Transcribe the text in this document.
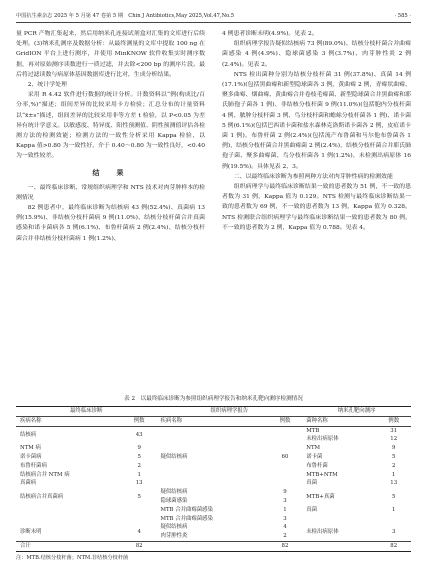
中国抗生素杂志 2025 年 5 月第 47 卷第 5 期　Chin J Antibiotics,May 2025,Vol.47,No.5	· 585 ·

量 PCR 产物汇集起来，然后用纳米孔连接试剂盒对汇集的文库进行后续处理。(3)纳米孔测序及数据分析：从最终测量的文库中提取 100 ng 在 GridION 平台上进行测序，并使用 MinKNOW 软件收集实时测序数据，再对原始测序读数进行一质过滤，并去除<200 bp 的测序片段。最后将过滤读数与病原体基因数据库进行比对，生成分析结果。

2、统计学处理

采用 R 4.42 软件进行数据的统计分析。计数资料以“例(构成比/百分率,%)”描述；组间差异的比较采用卡方检验；汇总分布的计量资料以“x̄±s”描述，组间差异的比较采用非等方差 t 检验，以 P<0.05 为差异有统计学意义。以敏感度、特异度、阳性预测值、阴性预测值评估各检测方法的检测效能；检测方法的一致性分析采用 Kappa 检验，以 Kappa 值>0.80 为一致性好，介于 0.40～0.80 为一致性良好，<0.40 为一致性较差。

结　果

一、最终临床诊断、常规组织病理学和 NTS 技术对肉芽肿样本的检测情况

82 例患者中，最终临床诊断为结核病 43 例(52.4%)、真菌病 13 例(15.9%)、非结核分枝杆菌病 9 例(11.0%)、结核分枝杆菌合并真菌感染和诺卡菌病各 5 例(6.1%)、布鲁杆菌病 2 例(2.4%)、结核分枝杆菌合并非结核分枝杆菌病 1 例(1.2%)、

4 例患者诊断未明(4.9%)。见表 2。

组织病理学报告疑似结核病 73 例(89.0%)、结核分枝杆菌合并曲霉菌感染 4 例(4.9%)、隐球菌感染 3 例(3.7%)、肉芽肿性炎 2 例(2.4%)。见表 2。

NTS 检出菌种分别为结核分枝杆菌 31 例(37.8%)、真菌 14 例(17.1%)(包括黑曲霉和新型隐球菌各 3 例，黄曲霉 2 例，青霉状曲霉、聚多曲霉、烟曲霉、黄曲霉合并卷枝毛霉菌、新型隐球菌合并黑曲霉和耶氏肺孢子菌各 1 例)、非结核分枝杆菌 9 例(11.0%)(包括胞内分枝杆菌 4 例、脓肿分枝杆菌 3 例、鸟分枝杆菌和蟾蜍分枝杆菌各 1 例)、诺卡菌 5 例(6.1%)(包括巴西诺卡菌和盐水森林克洛斯诺卡菌各 2 例，皮疽诺卡菌 1 例)，布鲁杆菌 2 例(2.4%)(包括流产布鲁菌和马尔他布鲁菌各 1 例)，结核分枝杆菌合并黑曲霉菌 2 例(2.4%)，结核分枝杆菌合并耶氏肺孢子菌、聚多曲霉菌、鸟分枝杆菌各 1 例(1.2%)，未检测出病原体 16 例(19.5%)。具体见表 2、3。

二、以最终临床诊断为参照两种方法对肉芽肿性病的检测效能

组织病理学与最终临床诊断结果一致的患者数为 51 例，不一致的患者数为 31 例，Kappa 值为 0.129。NTS 检测与最终临床诊断结果一致的患者数为 69 例，不一致的患者数为 13 例，Kappa 值为 0.328。NTS 检测联合组织病理学与最终临床诊断结果一致的患者数为 80 例，不一致的患者数为 2 例，Kappa 值为 0.788。见表 4。

表 2　以最终临床诊断为参照组织病理学报告和纳米孔靶向测序检测情况
最终临床诊断		组织病理学报告		纳米孔靶向测序	
疾病名称	例数	疾病名称	例数	菌种名称	例数
结核病	43	疑似结核病	60	MTB	31
				未检出病原体	12
NTM 病	9			NTM	9
诺卡菌病	5			诺卡菌	5
布鲁杆菌病	2			布鲁杆菌	2
结核病合并 NTM 病	1			MTB+NTM	1
真菌病	13			真菌	13

结核病合并真菌病	5	疑似结核病	9	MTB+真菌	5
		隐球菌感染	3		
		MTB 合并曲霉菌感染	1	真菌	1
		MTB 合并曲霉菌感染	3		
诊断未明	4	疑似结核病	4	未检出病原体	3
		肉芽肿性炎	2		
合计	82		82		82
注：MTB.结核分枝杆菌；NTM.非结核分枝杆菌
